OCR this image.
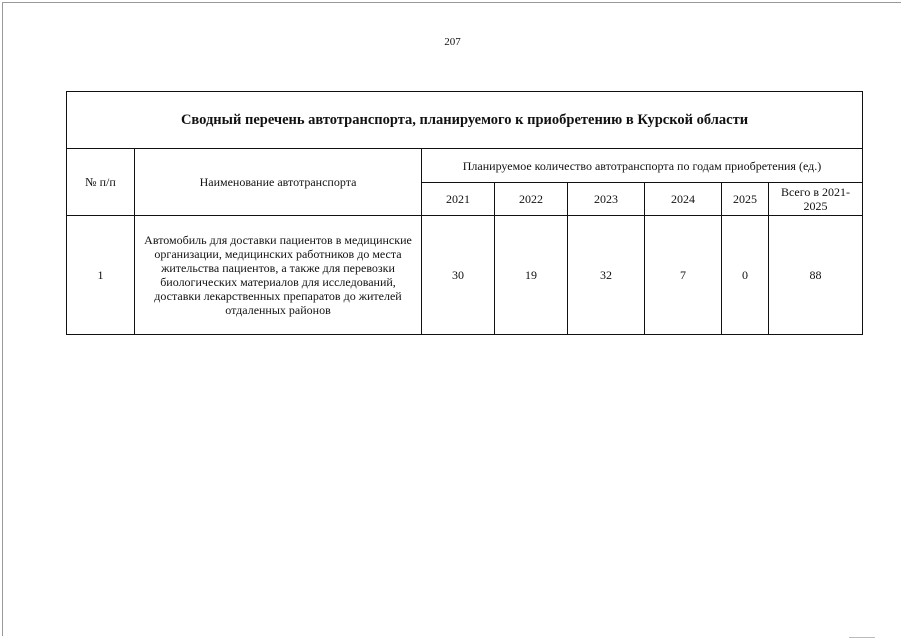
207
Сводный перечень автотранспорта, планируемого к приобретению в Курской области							
№ п/п	Наименование автотранспорта	Планируемое количество автотранспорта по годам приобретения (ед.)					
		2021	2022	2023	2024	2025	Всего в 2021-2025
1	Автомобиль для доставки пациентов в медицинские организации, медицинских работников до места жительства пациентов, а также для перевозки биологических материалов для исследований, доставки лекарственных препаратов до жителей отдаленных районов	30	19	32	7	0	88
